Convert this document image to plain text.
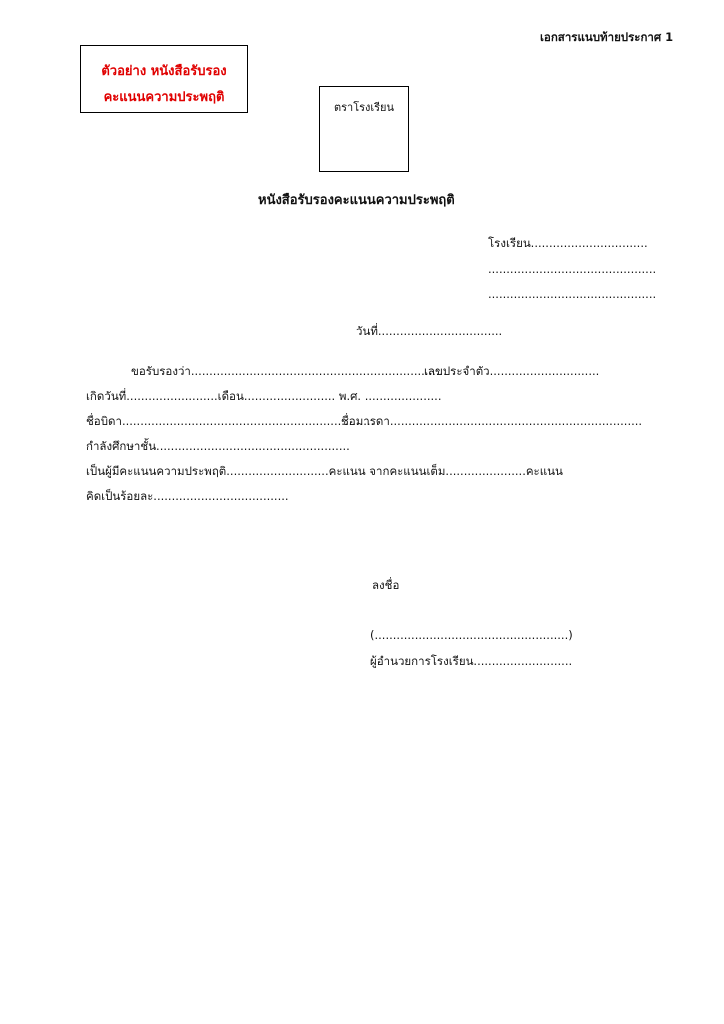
เอกสารแนบท้ายประกาศ 1
ตัวอย่าง หนังสือรับรอง
คะแนนความประพฤติ
ตราโรงเรียน
หนังสือรับรองคะแนนความประพฤติ
โรงเรียน................................
..............................................
..............................................
วันที่..................................
ขอรับรองว่า......................................................................
เลขประจำตัว..............................
เกิดวันที่.........................เดือน......................... พ.ศ. .....................
ชื่อบิดา.....................................................................
ชื่อมารดา.....................................................................
กำลังศึกษาชั้น.....................................................
เป็นผู้มีคะแนนความประพฤติ............................คะแนน จากคะแนนเต็ม......................คะแนน
คิดเป็นร้อยละ.....................................
ลงชื่อ
(.....................................................)
ผู้อำนวยการโรงเรียน...........................
